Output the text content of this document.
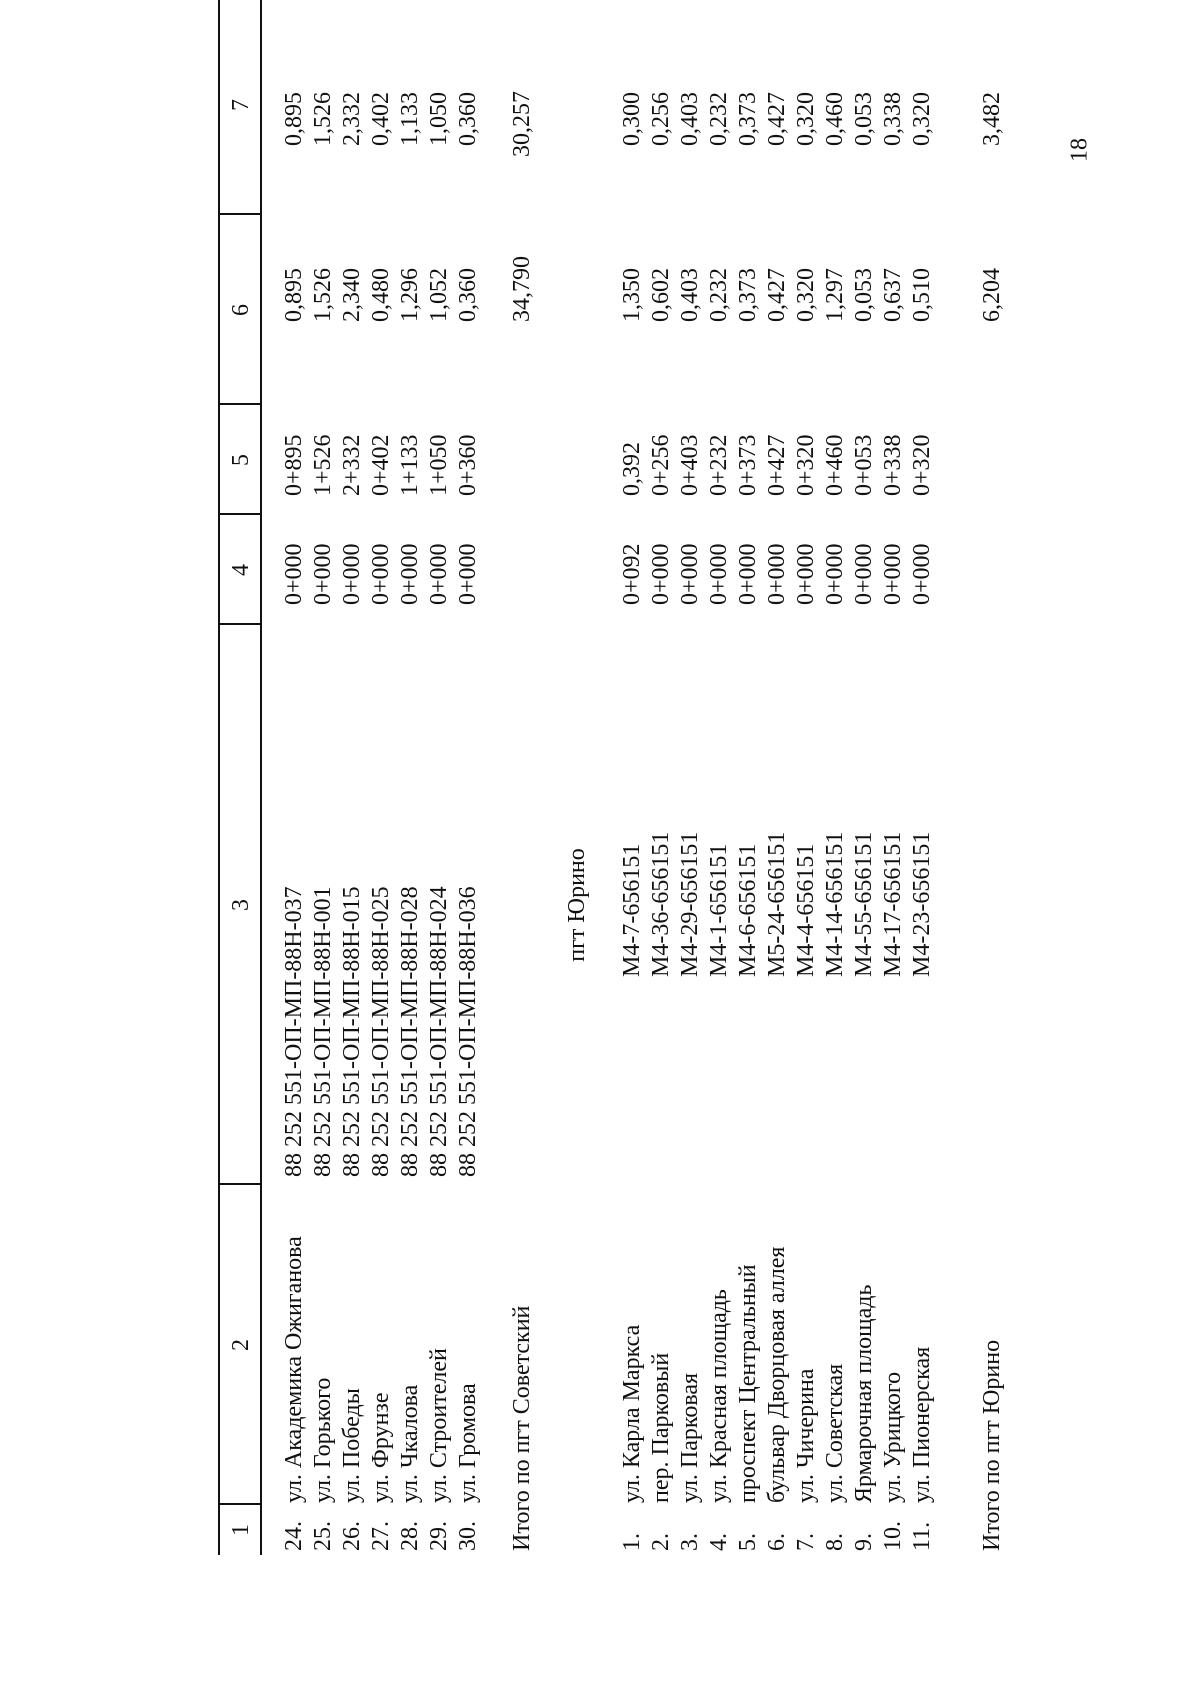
18
1
2
3
4
5
6
7
24.
ул. Академика Ожиганова
88 252 551-ОП-МП-88Н-037
0+000
0+895
0,895
0,895
25.
ул. Горького
88 252 551-ОП-МП-88Н-001
0+000
1+526
1,526
1,526
26.
ул. Победы
88 252 551-ОП-МП-88Н-015
0+000
2+332
2,340
2,332
27.
ул. Фрунзе
88 252 551-ОП-МП-88Н-025
0+000
0+402
0,480
0,402
28.
ул. Чкалова
88 252 551-ОП-МП-88Н-028
0+000
1+133
1,296
1,133
29.
ул. Строителей
88 252 551-ОП-МП-88Н-024
0+000
1+050
1,052
1,050
30.
ул. Громова
88 252 551-ОП-МП-88Н-036
0+000
0+360
0,360
0,360
Итого по пгт Советский
34,790
30,257
пгт Юрино
1.
ул. Карла Маркса
М4-7-656151
0+092
0,392
1,350
0,300
2.
пер. Парковый
М4-36-656151
0+000
0+256
0,602
0,256
3.
ул. Парковая
М4-29-656151
0+000
0+403
0,403
0,403
4.
ул. Красная площадь
М4-1-656151
0+000
0+232
0,232
0,232
5.
проспект Центральный
М4-6-656151
0+000
0+373
0,373
0,373
6.
бульвар Дворцовая аллея
М5-24-656151
0+000
0+427
0,427
0,427
7.
ул. Чичерина
М4-4-656151
0+000
0+320
0,320
0,320
8.
ул. Советская
М4-14-656151
0+000
0+460
1,297
0,460
9.
Ярмарочная площадь
М4-55-656151
0+000
0+053
0,053
0,053
10.
ул. Урицкого
М4-17-656151
0+000
0+338
0,637
0,338
11.
ул. Пионерская
М4-23-656151
0+000
0+320
0,510
0,320
Итого по пгт Юрино
6,204
3,482
